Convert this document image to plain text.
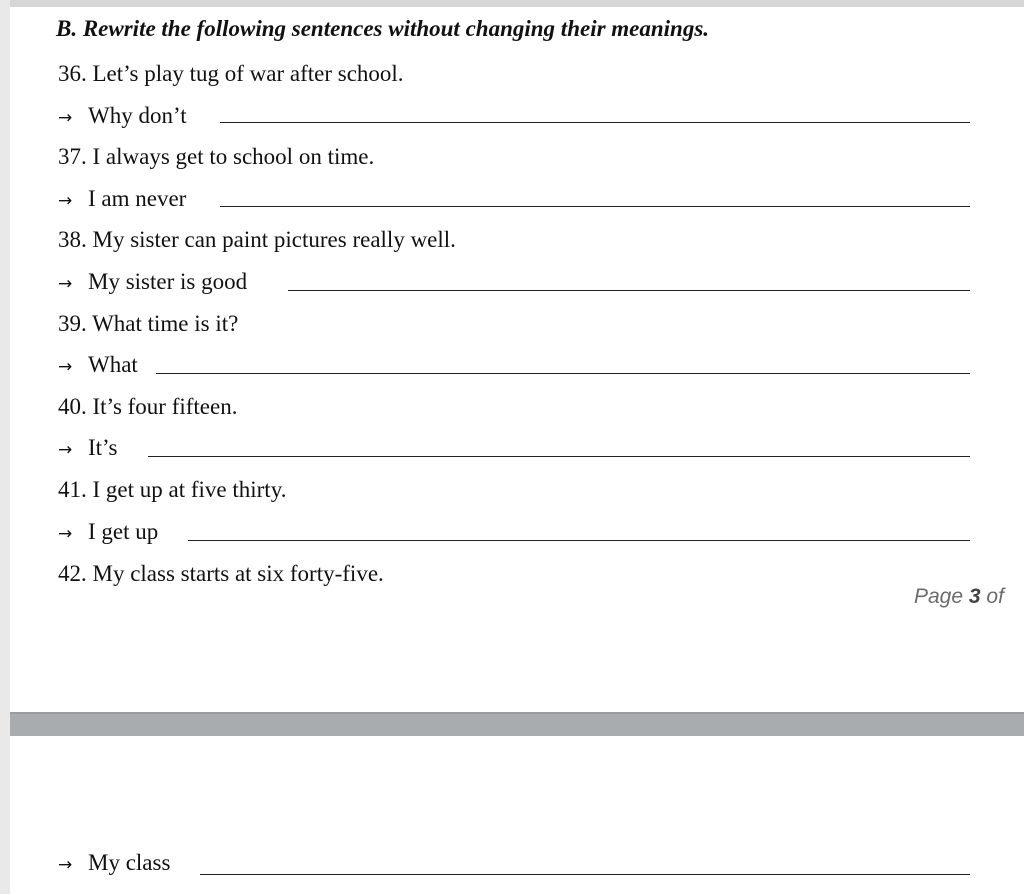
B. Rewrite the following sentences without changing their meanings.
36. Let’s play tug of war after school.
→ Why don’t
37. I always get to school on time.
→ I am never
38. My sister can paint pictures really well.
→ My sister is good
39. What time is it?
→ What
40. It’s four fifteen.
→ It’s
41. I get up at five thirty.
→ I get up
42. My class starts at six forty-five.
Page 3 of
→ My class
